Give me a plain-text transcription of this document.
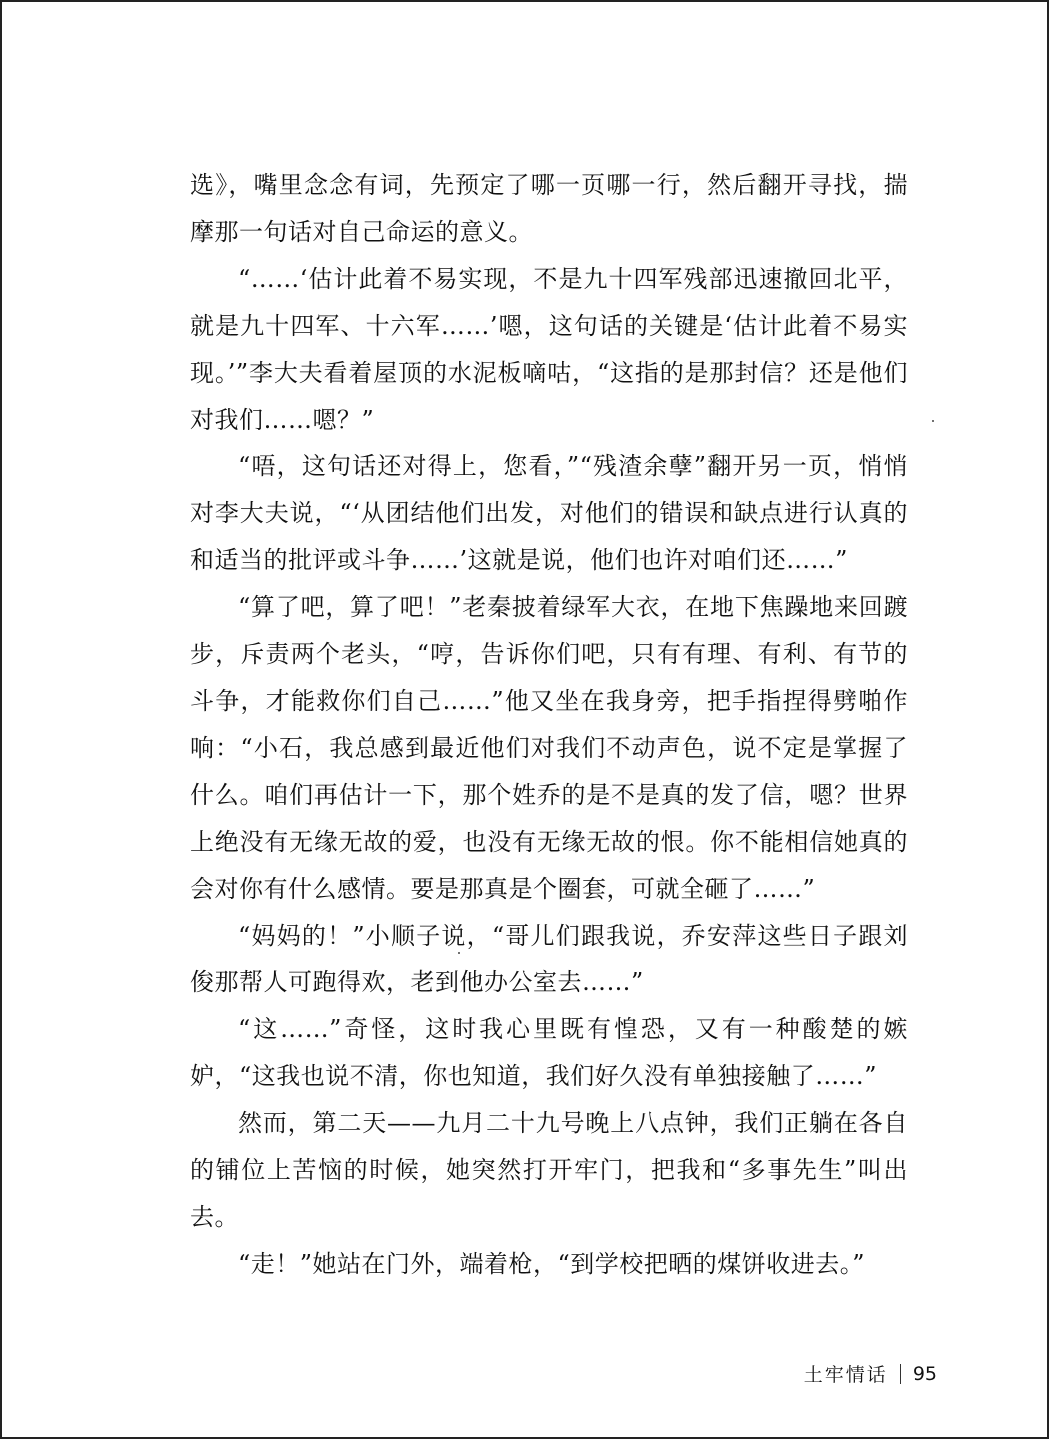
选》，嘴里念念有词，先预定了哪一页哪一行，然后翻开寻找，揣摩那一句话对自己命运的意义。

“……‘估计此着不易实现，不是九十四军残部迅速撤回北平，就是九十四军、十六军……’嗯，这句话的关键是‘估计此着不易实现。’”李大夫看着屋顶的水泥板嘀咕，“这指的是那封信？还是他们对我们……嗯？”

“唔，这句话还对得上，您看，”“残渣余孽”翻开另一页，悄悄对李大夫说，“‘从团结他们出发，对他们的错误和缺点进行认真的和适当的批评或斗争……’这就是说，他们也许对咱们还……”

“算了吧，算了吧！”老秦披着绿军大衣，在地下焦躁地来回踱步，斥责两个老头，“哼，告诉你们吧，只有有理、有利、有节的斗争，才能救你们自己……”他又坐在我身旁，把手指捏得劈啪作响：“小石，我总感到最近他们对我们不动声色，说不定是掌握了什么。咱们再估计一下，那个姓乔的是不是真的发了信，嗯？世界上绝没有无缘无故的爱，也没有无缘无故的恨。你不能相信她真的会对你有什么感情。要是那真是个圈套，可就全砸了……”

“妈妈的！”小顺子说，“哥儿们跟我说，乔安萍这些日子跟刘俊那帮人可跑得欢，老到他办公室去……”

“这……”奇怪，这时我心里既有惶恐，又有一种酸楚的嫉妒，“这我也说不清，你也知道，我们好久没有单独接触了……”

然而，第二天——九月二十九号晚上八点钟，我们正躺在各自的铺位上苦恼的时候，她突然打开牢门，把我和“多事先生”叫出去。

“走！”她站在门外，端着枪，“到学校把晒的煤饼收进去。”

土牢情话 95
